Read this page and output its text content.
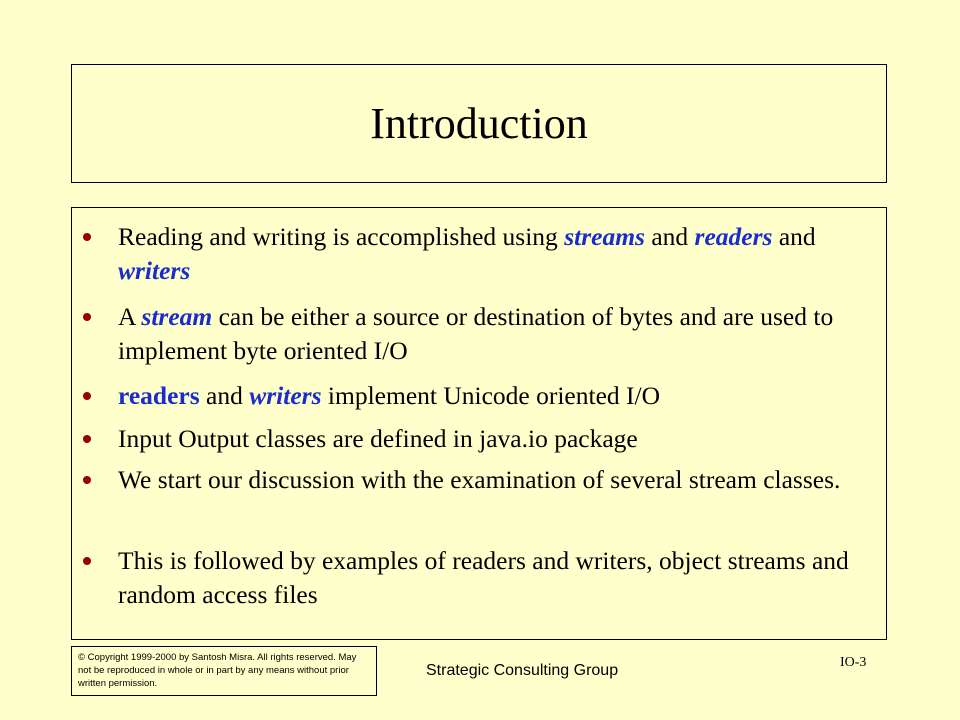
Introduction
Reading and writing is accomplished using streams and readers and writers
A stream can be either a source or destination of bytes and are used to implement byte oriented I/O
readers and writers implement Unicode oriented I/O
Input Output classes are defined in java.io package
We start our discussion with the examination of several stream classes.
This is followed by examples of readers and writers, object streams and random access files
© Copyright 1999-2000 by Santosh Misra. All rights reserved. May not be reproduced in whole or in part by any means without prior written permission.
Strategic Consulting Group	IO-3
